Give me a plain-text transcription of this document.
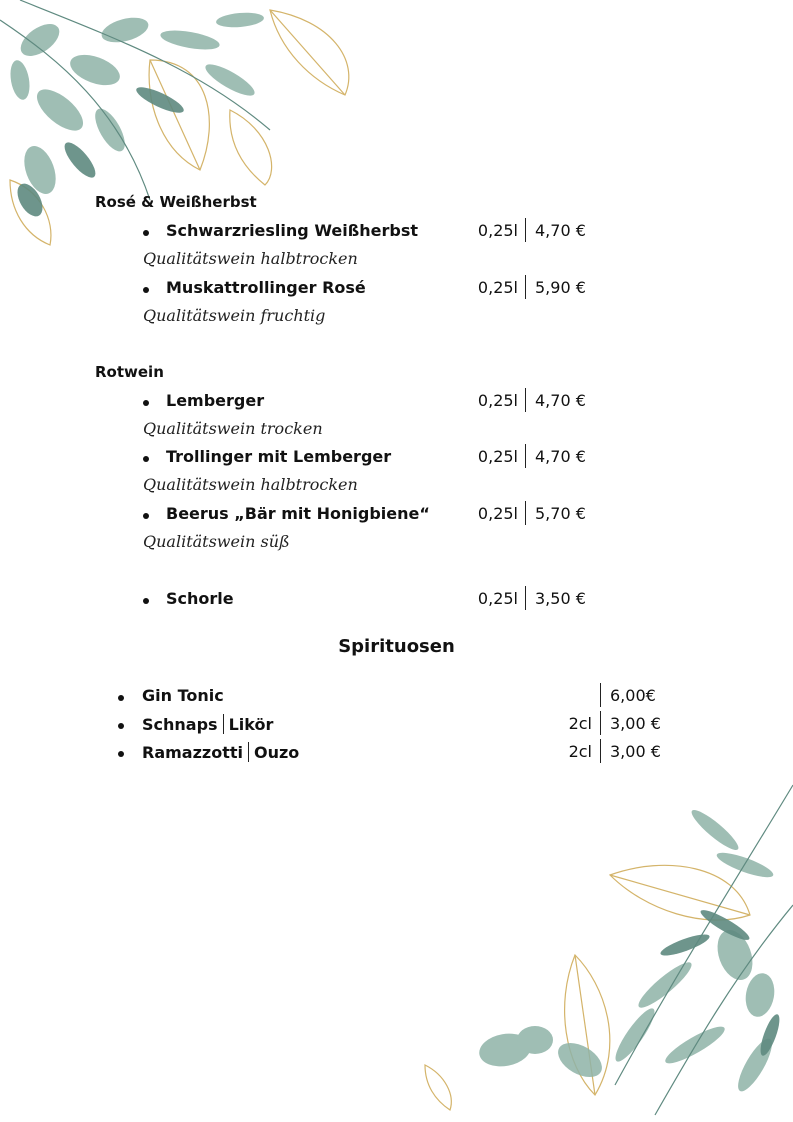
Rosé & Weißherbst
Schwarzriesling Weißherbst	0,25l 4,70 €
Qualitätswein halbtrocken
Muskattrollinger Rosé	0,25l 5,90 €
Qualitätswein fruchtig
Rotwein
Lemberger	0,25l 4,70 €
Qualitätswein trocken
Trollinger mit Lemberger	0,25l 4,70 €
Qualitätswein halbtrocken
Beerus „Bär mit Honigbiene“	0,25l 5,70 €
Qualitätswein süß
Schorle	0,25l 3,50 €
Spirituosen
Gin Tonic	6,00€
Schnaps Likör	2cl 3,00 €
Ramazzotti Ouzo	2cl 3,00 €
